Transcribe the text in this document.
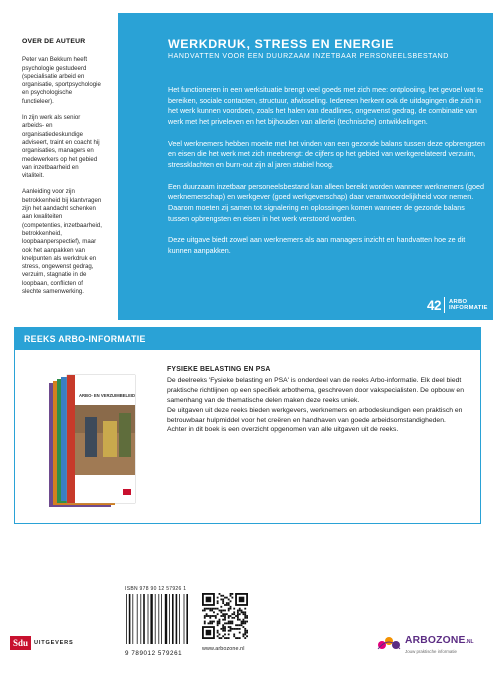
OVER DE AUTEUR

Peter van Bekkum heeft psychologie gestudeerd (specialisatie arbeid en organisatie, sportpsychologie en psychologische functieleer).

In zijn werk als senior arbeids- en organisatiedeskundige adviseert, traint en coacht hij organisaties, managers en medewerkers op het gebied van inzetbaarheid en vitaliteit.

Aanleiding voor zijn betrokkenheid bij klantvragen zijn het aandacht schenken aan kwaliteiten (competenties, inzetbaarheid, betrokkenheid, loopbaanperspectief), maar ook het aanpakken van knelpunten als werkdruk en stress, ongewenst gedrag, verzuim, stagnatie in de loopbaan, conflicten of slechte samenwerking.

WERKDRUK, STRESS EN ENERGIE
HANDVATTEN VOOR EEN DUURZAAM INZETBAAR PERSONEELSBESTAND

Het functioneren in een werksituatie brengt veel goeds met zich mee: ontplooiing, het gevoel wat te bereiken, sociale contacten, structuur, afwisseling. Iedereen herkent ook de uitdagingen die zich in het werk kunnen voordoen, zoals het halen van deadlines, ongewenst gedrag, de combinatie van werk met het priveleven en het bijhouden van allerlei (technische) ontwikkelingen.

Veel werknemers hebben moeite met het vinden van een gezonde balans tussen deze opbrengsten en eisen die het werk met zich meebrengt: de cijfers op het gebied van werkgerelateerd verzuim, stressklachten en burn-out zijn al jaren stabiel hoog.

Een duurzaam inzetbaar personeelsbestand kan alleen bereikt worden wanneer werknemers (goed werknemerschap) en werkgever (goed werkgeverschap) daar verantwoordelijkheid voor nemen. Daarom moeten zij samen tot signalering en oplossingen komen wanneer de gezonde balans tussen opbrengsten en eisen in het werk verstoord worden.

Deze uitgave biedt zowel aan werknemers als aan managers inzicht en handvatten hoe ze dit kunnen aanpakken.

42 ARBO
INFORMATIE
REEKS ARBO-INFORMATIE
ARBO- EN VERZUIMBELEID
FYSIEKE BELASTING EN PSA

De deelreeks 'Fysieke belasting en PSA' is onderdeel van de reeks Arbo-informatie. Elk deel biedt praktische richtlijnen op een specifiek arbothema, geschreven door vakspecialisten. De opbouw en samenhang van de thematische delen maken deze reeks uniek.

De uitgaven uit deze reeks bieden werkgevers, werknemers en arbodeskundigen een praktisch en betrouwbaar hulpmiddel voor het creëren en handhaven van goede arbeidsomstandigheden.

Achter in dit boek is een overzicht opgenomen van alle uitgaven uit de reeks.

ISBN 978 90 12 57926 1
9 789012 579261
www.arbozone.nl
Sdu	UITGEVERS	ARBOZONE.NL
Jouw praktische informatie
